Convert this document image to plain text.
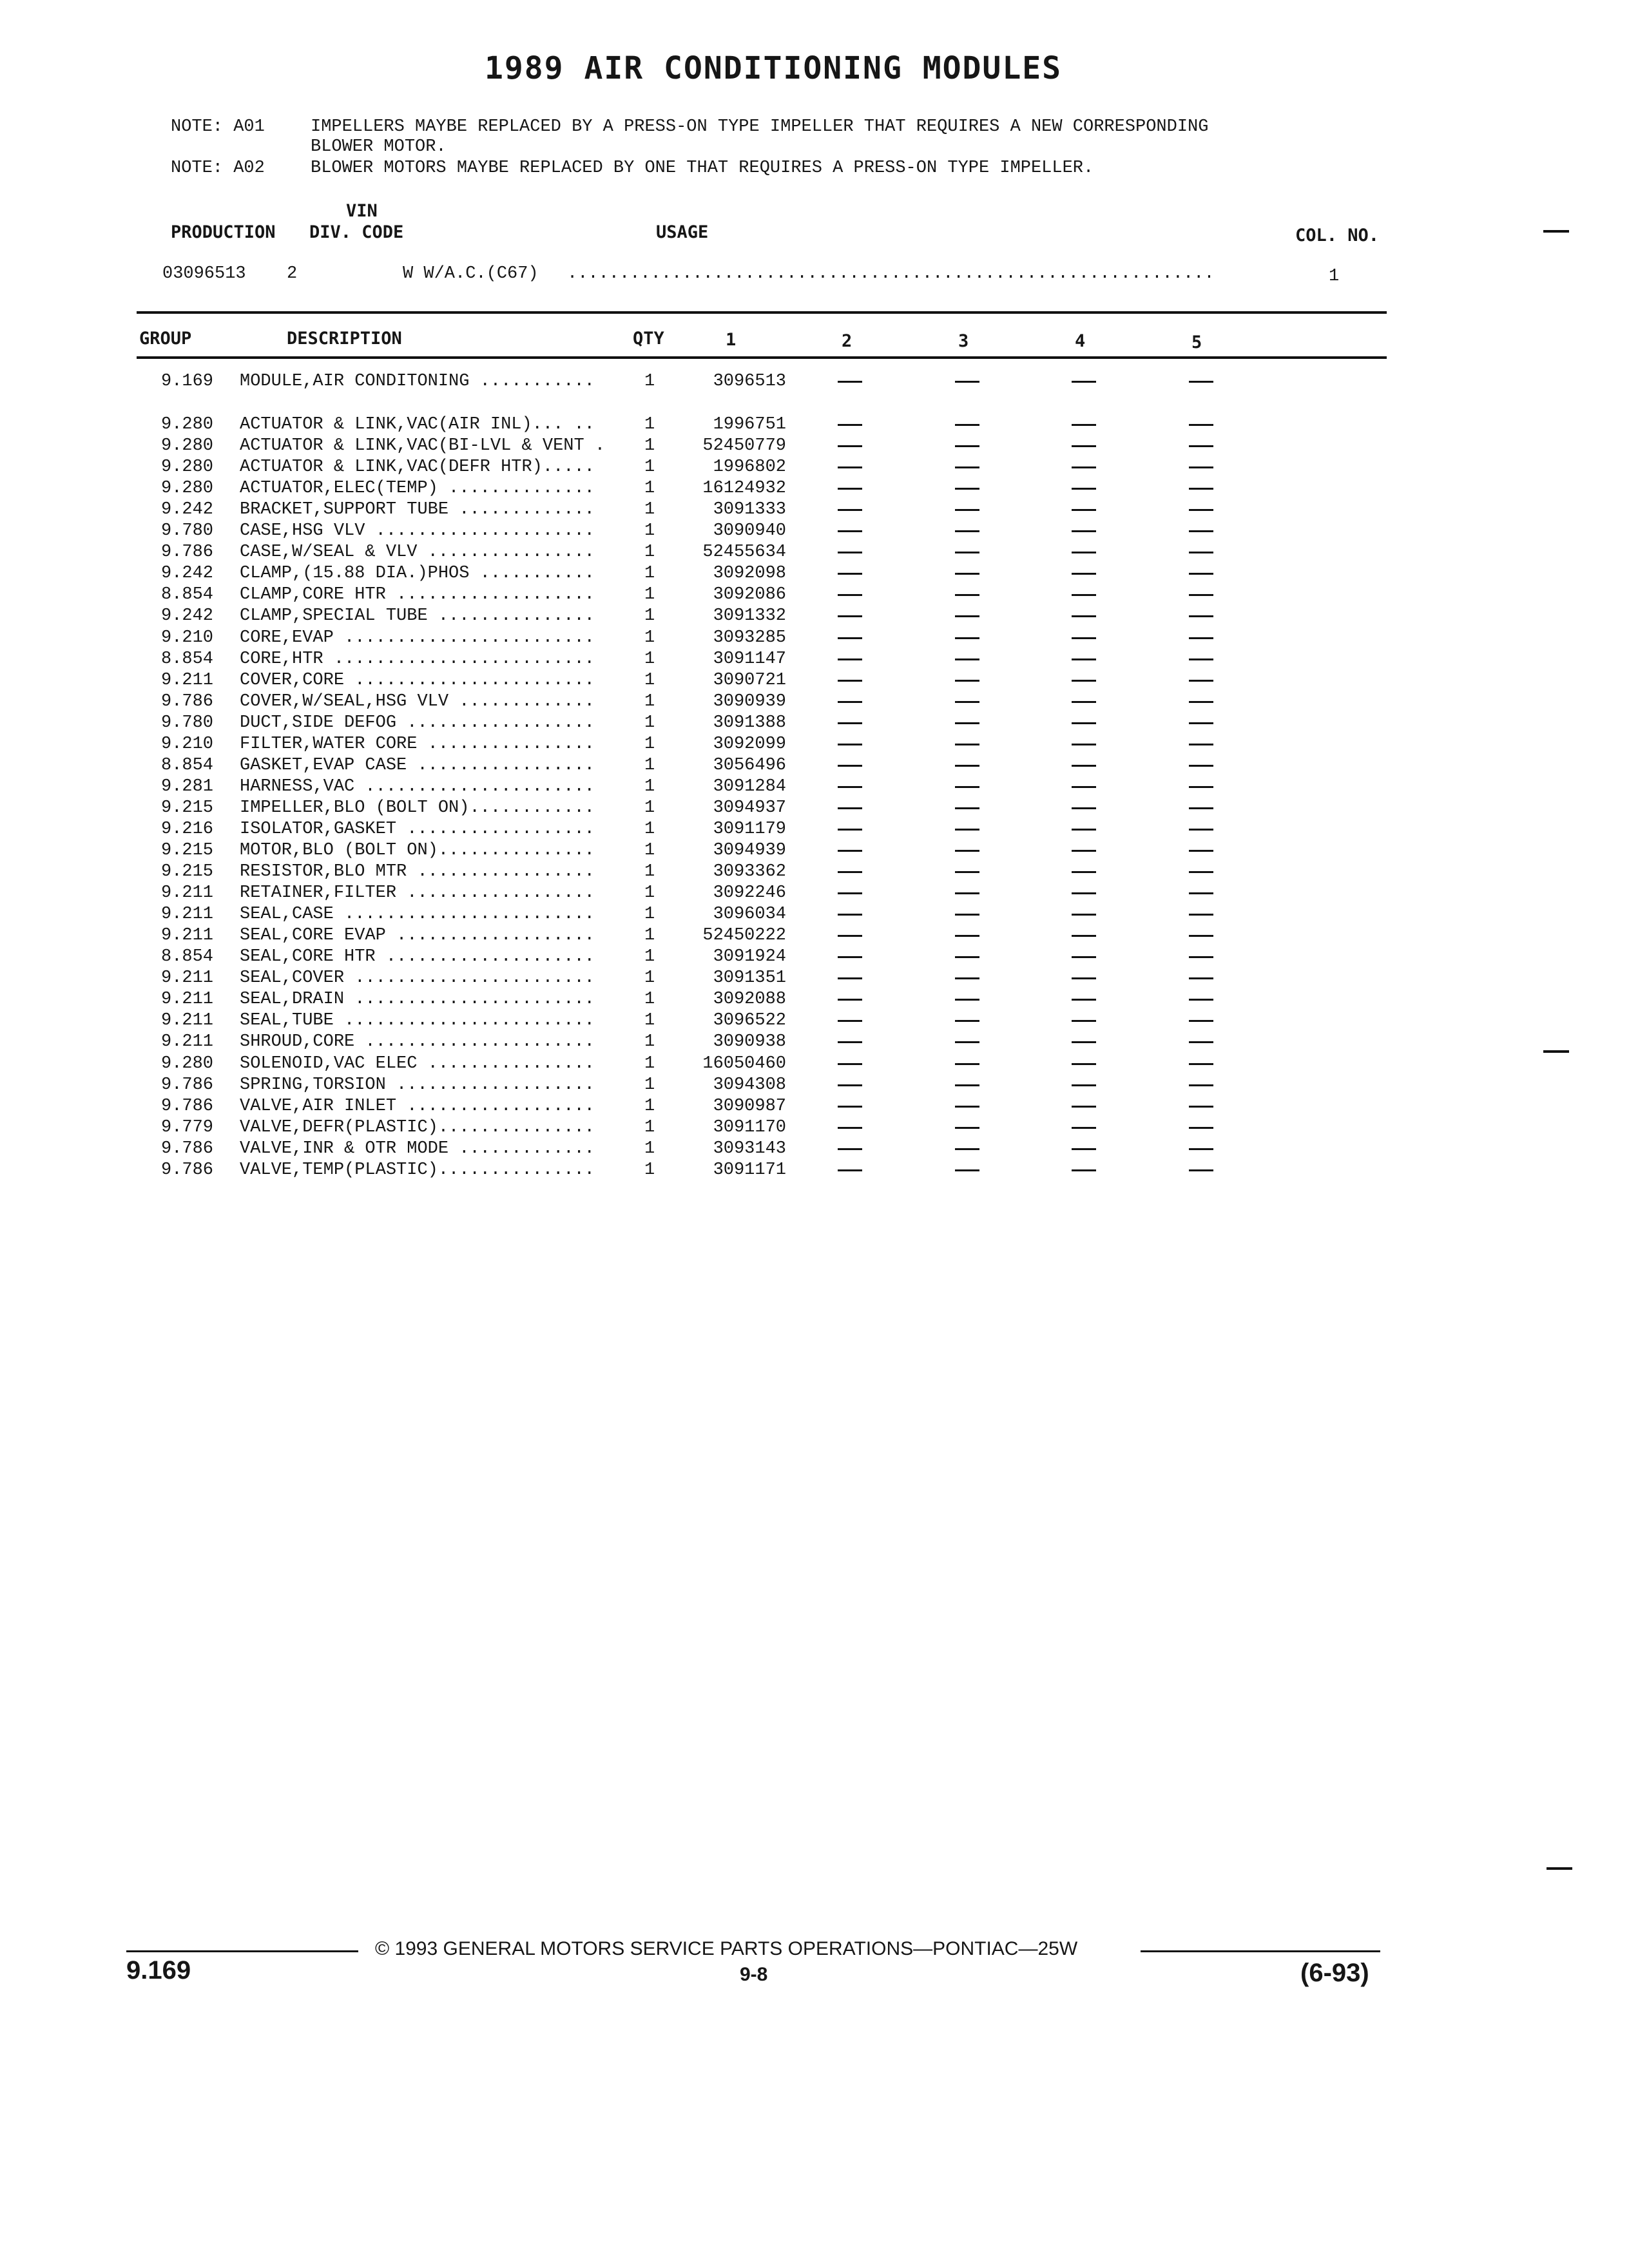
1989 AIR CONDITIONING MODULES
NOTE: A01	IMPELLERS MAYBE REPLACED BY A PRESS-ON TYPE IMPELLER THAT REQUIRES A NEW CORRESPONDING
BLOWER MOTOR.
NOTE: A02	BLOWER MOTORS MAYBE REPLACED BY ONE THAT REQUIRES A PRESS-ON TYPE IMPELLER.
VIN
PRODUCTION DIV. CODE	USAGE	COL. NO.
03096513 2	W W/A.C.(C67) ..............................................................	1
GROUP	DESCRIPTION	QTY	1	2	3	4	5
9.169 MODULE,AIR CONDITONING ...........	1	3096513
9.280 ACTUATOR & LINK,VAC(AIR INL)... ..	1	1996751
9.280 ACTUATOR & LINK,VAC(BI-LVL & VENT .	1	52450779
9.280 ACTUATOR & LINK,VAC(DEFR HTR).....	1	1996802
9.280 ACTUATOR,ELEC(TEMP) ..............	1	16124932
9.242 BRACKET,SUPPORT TUBE .............	1	3091333
9.780 CASE,HSG VLV .....................	1	3090940
9.786 CASE,W/SEAL & VLV ................	1	52455634
9.242 CLAMP,(15.88 DIA.)PHOS ...........	1	3092098
8.854 CLAMP,CORE HTR ...................	1	3092086
9.242 CLAMP,SPECIAL TUBE ...............	1	3091332
9.210 CORE,EVAP ........................	1	3093285
8.854 CORE,HTR .........................	1	3091147
9.211 COVER,CORE .......................	1	3090721
9.786 COVER,W/SEAL,HSG VLV .............	1	3090939
9.780 DUCT,SIDE DEFOG ..................	1	3091388
9.210 FILTER,WATER CORE ................	1	3092099
8.854 GASKET,EVAP CASE .................	1	3056496
9.281 HARNESS,VAC ......................	1	3091284
9.215 IMPELLER,BLO (BOLT ON)............	1	3094937
9.216 ISOLATOR,GASKET ..................	1	3091179
9.215 MOTOR,BLO (BOLT ON)...............	1	3094939
9.215 RESISTOR,BLO MTR .................	1	3093362
9.211 RETAINER,FILTER ..................	1	3092246
9.211 SEAL,CASE ........................	1	3096034
9.211 SEAL,CORE EVAP ...................	1	52450222
8.854 SEAL,CORE HTR ....................	1	3091924
9.211 SEAL,COVER .......................	1	3091351
9.211 SEAL,DRAIN .......................	1	3092088
9.211 SEAL,TUBE ........................	1	3096522
9.211 SHROUD,CORE ......................	1	3090938
9.280 SOLENOID,VAC ELEC ................	1	16050460
9.786 SPRING,TORSION ...................	1	3094308
9.786 VALVE,AIR INLET ..................	1	3090987
9.779 VALVE,DEFR(PLASTIC)...............	1	3091170
9.786 VALVE,INR & OTR MODE .............	1	3093143
9.786 VALVE,TEMP(PLASTIC)...............	1	3091171
© 1993 GENERAL MOTORS SERVICE PARTS OPERATIONS—PONTIAC—25W
9.169	9-8	(6-93)
